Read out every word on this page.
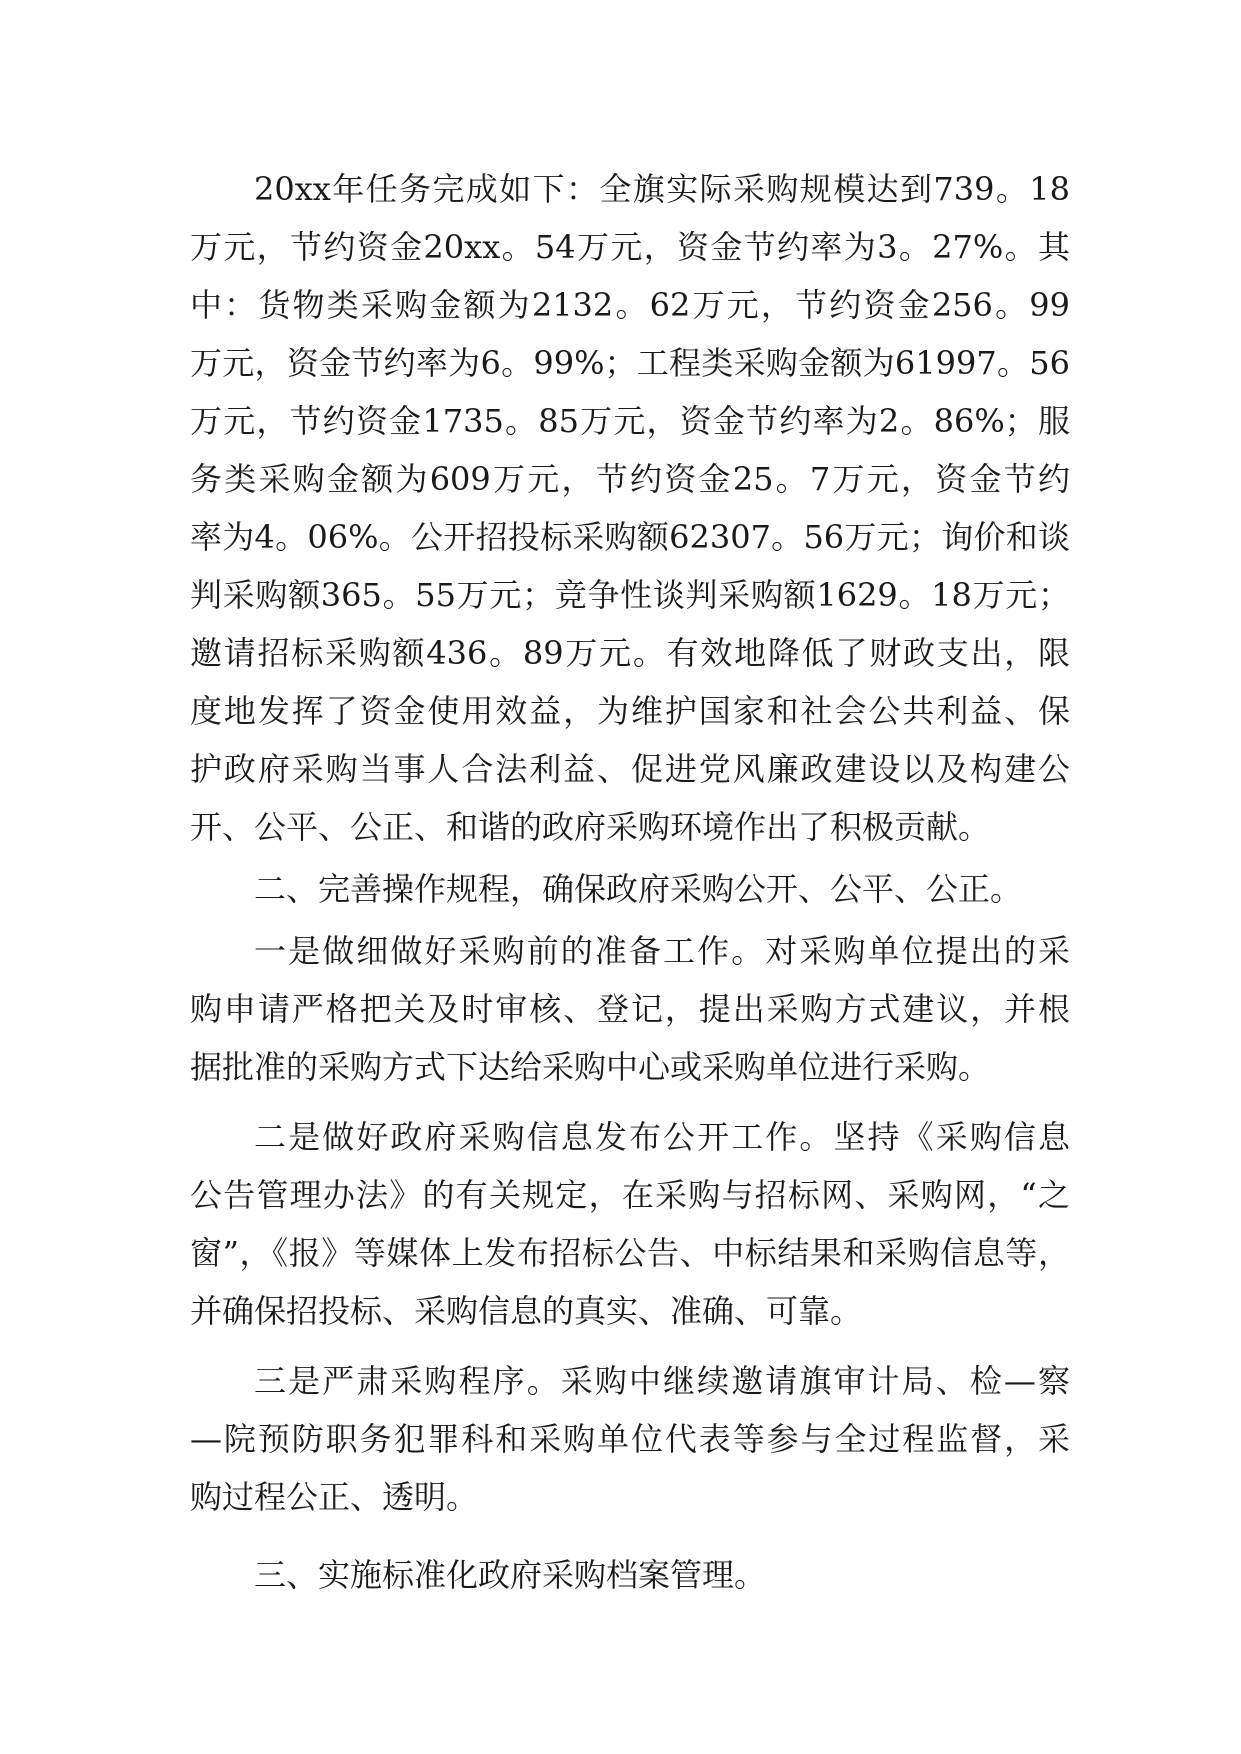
20xx年任务完成如下：全旗实际采购规模达到739。18
万元，节约资金20xx。54万元，资金节约率为3。27%。其
中：货物类采购金额为2132。62万元，节约资金256。99
万元，资金节约率为6。99%；工程类采购金额为61997。56
万元，节约资金1735。85万元，资金节约率为2。86%；服
务类采购金额为609万元，节约资金25。7万元，资金节约
率为4。06%。公开招投标采购额62307。56万元；询价和谈
判采购额365。55万元；竞争性谈判采购额1629。18万元；
邀请招标采购额436。89万元。有效地降低了财政支出，限
度地发挥了资金使用效益，为维护国家和社会公共利益、保
护政府采购当事人合法利益、促进党风廉政建设以及构建公
开、公平、公正、和谐的政府采购环境作出了积极贡献。
二、完善操作规程，确保政府采购公开、公平、公正。
一是做细做好采购前的准备工作。对采购单位提出的采
购申请严格把关及时审核、登记，提出采购方式建议，并根
据批准的采购方式下达给采购中心或采购单位进行采购。
二是做好政府采购信息发布公开工作。坚持《采购信息
公告管理办法》的有关规定，在采购与招标网、采购网，“之
窗”，《报》等媒体上发布招标公告、中标结果和采购信息等，
并确保招投标、采购信息的真实、准确、可靠。
三是严肃采购程序。采购中继续邀请旗审计局、检—察
—院预防职务犯罪科和采购单位代表等参与全过程监督，采
购过程公正、透明。
三、实施标准化政府采购档案管理。
